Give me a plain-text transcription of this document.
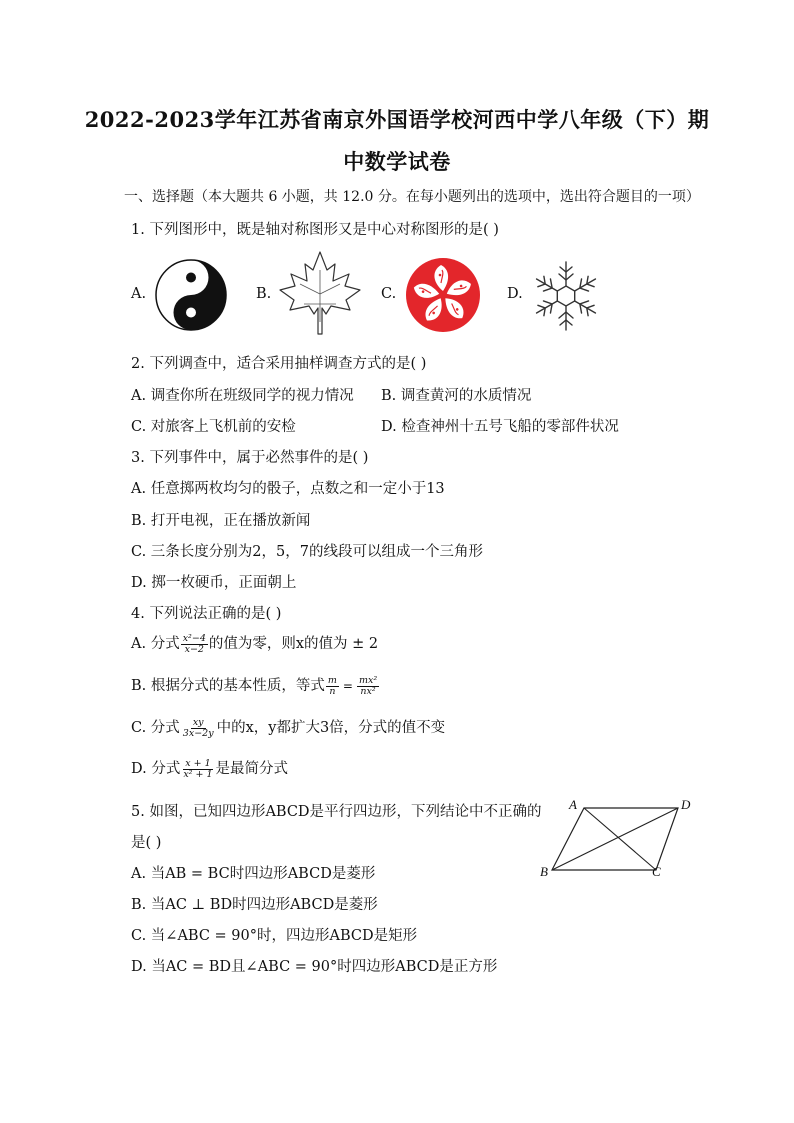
2022-2023学年江苏省南京外国语学校河西中学八年级（下）期
中数学试卷
一、选择题（本大题共 6 小题，共 12.0 分。在每小题列出的选项中，选出符合题目的一项）
1. 下列图形中，既是轴对称图形又是中心对称图形的是( )
A.	B.	C.	D.
2. 下列调查中，适合采用抽样调查方式的是( )
A. 调查你所在班级同学的视力情况 B. 调查黄河的水质情况
C. 对旅客上飞机前的安检	D. 检查神州十五号飞船的零部件状况
3. 下列事件中，属于必然事件的是( )
A. 任意掷两枚均匀的骰子，点数之和一定小于13
B. 打开电视，正在播放新闻
C. 三条长度分别为2，5，7的线段可以组成一个三角形
D. 掷一枚硬币，正面朝上
4. 下列说法正确的是( )
A. 分式 $\frac{\text{x²−4}}{x-2}$ 的值为零，则x的值为 ± 2
B. 根据分式的基本性质，等式 $\frac{m}{n} = \frac{\text{mx²}}{\text{nx²}}$
C. 分式 $\frac{xy}{3x-2y}$ 中的x，y都扩大3倍，分式的值不变
D. 分式 $\frac{x + 1}{\text{x² + 1}}$ 是最简分式
5. 如图，已知四边形ABCD是平行四边形，下列结论中不正确的
是( )
A. 当AB = BC时四边形ABCD是菱形
B. 当AC ⊥ BD时四边形ABCD是菱形
C. 当∠ABC = 90°时，四边形ABCD是矩形
D. 当AC = BD且∠ABC = 90°时四边形ABCD是正方形
A	D
B	C
